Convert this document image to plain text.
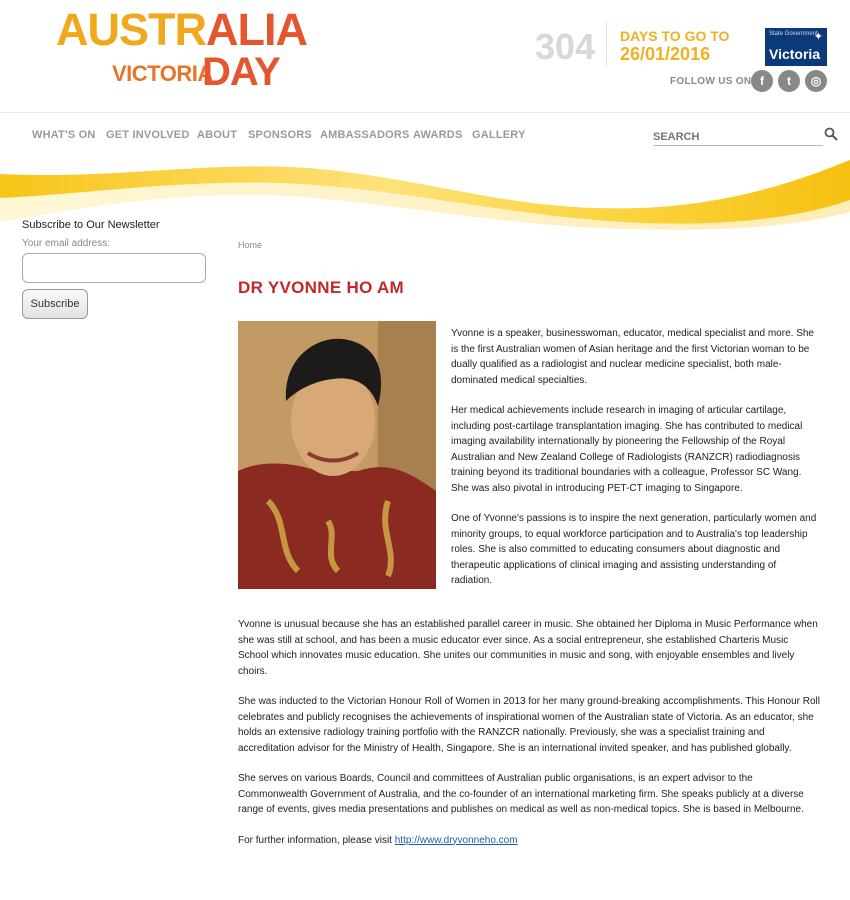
AUSTRALIA
VICTORIA
DAY
304 DAYS TO GO TO
26/01/2016
State Government
Victoria
✦
FOLLOW US ON f	t	◎
WHAT'S ON GET INVOLVED ABOUT SPONSORS AMBASSADORS AWARDS GALLERY
SEARCH
Subscribe to Our Newsletter
Your email address:
Subscribe
Home
DR YVONNE HO AM

Yvonne is a speaker, businesswoman, educator, medical specialist and more. She is the first Australian women of Asian heritage and the first Victorian woman to be dually qualified as a radiologist and nuclear medicine specialist, both male-dominated medical specialties.

Her medical achievements include research in imaging of articular cartilage, including post-cartilage transplantation imaging. She has contributed to medical imaging availability internationally by pioneering the Fellowship of the Royal Australian and New Zealand College of Radiologists (RANZCR) radiodiagnosis training beyond its traditional boundaries with a colleague, Professor SC Wang. She was also pivotal in introducing PET-CT imaging to Singapore.

One of Yvonne's passions is to inspire the next generation, particularly women and minority groups, to equal workforce participation and to Australia's top leadership roles. She is also committed to educating consumers about diagnostic and therapeutic applications of clinical imaging and assisting understanding of radiation.

Yvonne is unusual because she has an established parallel career in music. She obtained her Diploma in Music Performance when she was still at school, and has been a music educator ever since. As a social entrepreneur, she established Charteris Music School which innovates music education. She unites our communities in music and song, with enjoyable ensembles and lively choirs.

She was inducted to the Victorian Honour Roll of Women in 2013 for her many ground-breaking accomplishments. This Honour Roll celebrates and publicly recognises the achievements of inspirational women of the Australian state of Victoria. As an educator, she holds an extensive radiology training portfolio with the RANZCR nationally. Previously, she was a specialist training and accreditation advisor for the Ministry of Health, Singapore. She is an international invited speaker, and has published globally.

She serves on various Boards, Council and committees of Australian public organisations, is an expert advisor to the Commonwealth Government of Australia, and the co-founder of an international marketing firm. She speaks publicly at a diverse range of events, gives media presentations and publishes on medical as well as non-medical topics. She is based in Melbourne.

For further information, please visit http://www.dryvonneho.com
